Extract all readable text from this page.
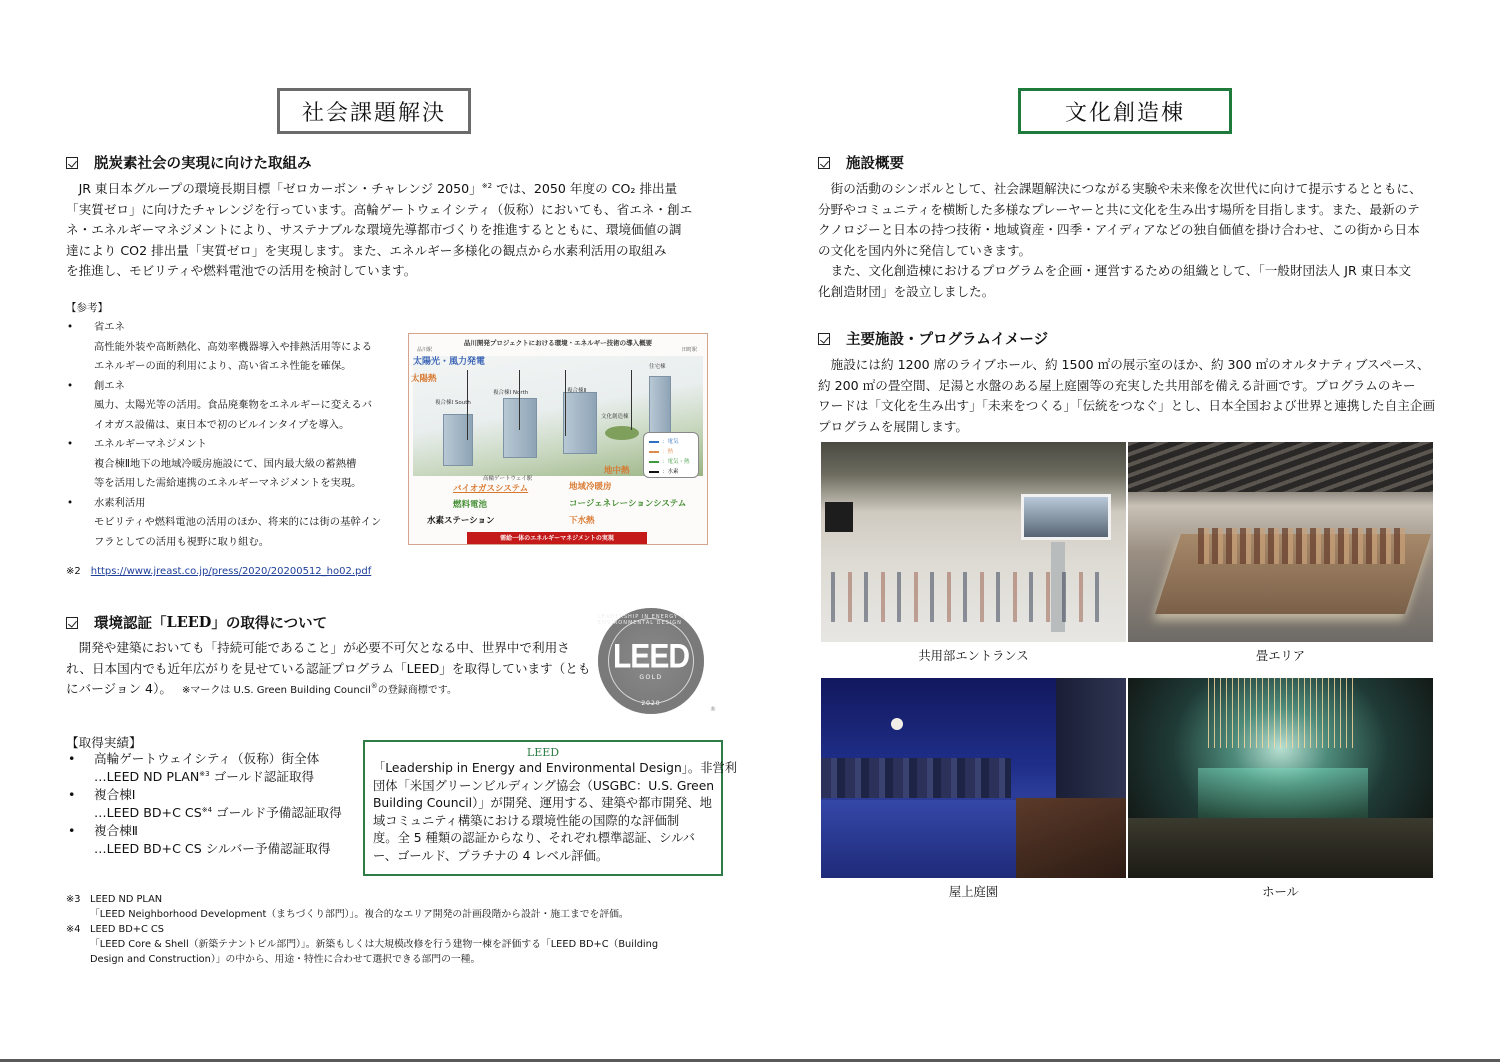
社会課題解決
脱炭素社会の実現に向けた取組み
JR 東日本グループの環境長期目標「ゼロカーボン・チャレンジ 2050」$^{※2}$ では、2050 年度の CO₂ 排出量
「実質ゼロ」に向けたチャレンジを行っています。高輪ゲートウェイシティ（仮称）においても、省エネ・創エ
ネ・エネルギーマネジメントにより、サステナブルな環境先導都市づくりを推進するとともに、環境価値の調
達により CO2 排出量「実質ゼロ」を実現します。また、エネルギー多様化の観点から水素利活用の取組み
を推進し、モビリティや燃料電池での活用を検討しています。
【参考】
• 省エネ
高性能外装や高断熱化、高効率機器導入や排熱活用等による
エネルギーの面的利用により、高い省エネ性能を確保。
• 創エネ
風力、太陽光等の活用。食品廃棄物をエネルギーに変えるバ
イオガス設備は、東日本で初のビルインタイプを導入。
• エネルギーマネジメント
複合棟Ⅱ地下の地域冷暖房施設にて、国内最大級の蓄熱槽
等を活用した需給連携のエネルギーマネジメントを実現。
• 水素利活用
モビリティや燃料電池の活用のほか、将来的には街の基幹イン
フラとしての活用も視野に取り組む。
品川開発プロジェクトにおける環境・エネルギー技術の導入概要
品川駅	田町駅
太陽光・風力発電
太陽熱
複合棟Ⅰ South
複合棟Ⅰ North	複合棟Ⅱ
文化創造棟
住宅棟
高輪ゲートウェイ駅
：電気
：熱
：電気・熱
：水素
地中熱
バイオガスシステム	地域冷暖房
燃料電池	コージェネレーションシステム
水素ステーション	下水熱
需給一体のエネルギーマネジメントの実現
※2 https://www.jreast.co.jp/press/2020/20200512_ho02.pdf
環境認証「 LEED 」の取得について
開発や建築においても「持続可能であること」が必要不可欠となる中、世界中で利用さ
れ、日本国内でも近年広がりを見せている認証プログラム「LEED」を取得しています（とも
にバージョン 4）。 ※マークは U.S. Green Building Council®の登録商標です。
LEADERSHIP IN ENERGY & ENVIRONMENTAL DESIGN
LEED
GOLD
2020
®
【取得実績】
• 高輪ゲートウェイシティ（仮称）街全体
…LEED ND PLAN$^{※3}$ ゴールド認証取得
• 複合棟Ⅰ
…LEED BD+C CS$^{※4}$ ゴールド予備認証取得
• 複合棟Ⅱ
…LEED BD+C CS シルバー予備認証取得
LEED
「Leadership in Energy and Environmental Design」。非営利
団体「米国グリーンビルディング協会（USGBC：U.S. Green
Building Council）」が開発、運用する、建築や都市開発、地
域コミュニティ構築における環境性能の国際的な評価制
度。全 5 種類の認証からなり、それぞれ標準認証、シルバ
ー、ゴールド、プラチナの 4 レベル評価。
※3 LEED ND PLAN
「LEED Neighborhood Development（まちづくり部門）」。複合的なエリア開発の計画段階から設計・施工までを評価。
※4 LEED BD+C CS
「LEED Core & Shell（新築テナントビル部門）」。新築もしくは大規模改修を行う建物一棟を評価する「LEED BD+C（Building
Design and Construction）」の中から、用途・特性に合わせて選択できる部門の一種。
文化創造棟
施設概要
街の活動のシンボルとして、社会課題解決につながる実験や未来像を次世代に向けて提示するとともに、
分野やコミュニティを横断した多様なプレーヤーと共に文化を生み出す場所を目指します。また、最新のテ
クノロジーと日本の持つ技術・地域資産・四季・アイディアなどの独自価値を掛け合わせ、この街から日本
の文化を国内外に発信していきます。
また、文化創造棟におけるプログラムを企画・運営するための組織として、「一般財団法人 JR 東日本文
化創造財団」を設立しました。
主要施設・プログラムイメージ
施設には約 1200 席のライブホール、約 1500 ㎡の展示室のほか、約 300 ㎡のオルタナティブスペース、
約 200 ㎡の畳空間、足湯と水盤のある屋上庭園等の充実した共用部を備える計画です。プログラムのキー
ワードは「文化を生み出す」「未来をつくる」「伝統をつなぐ」とし、日本全国および世界と連携した自主企画
プログラムを展開します。
共用部エントランス	畳エリア
屋上庭園	ホール
